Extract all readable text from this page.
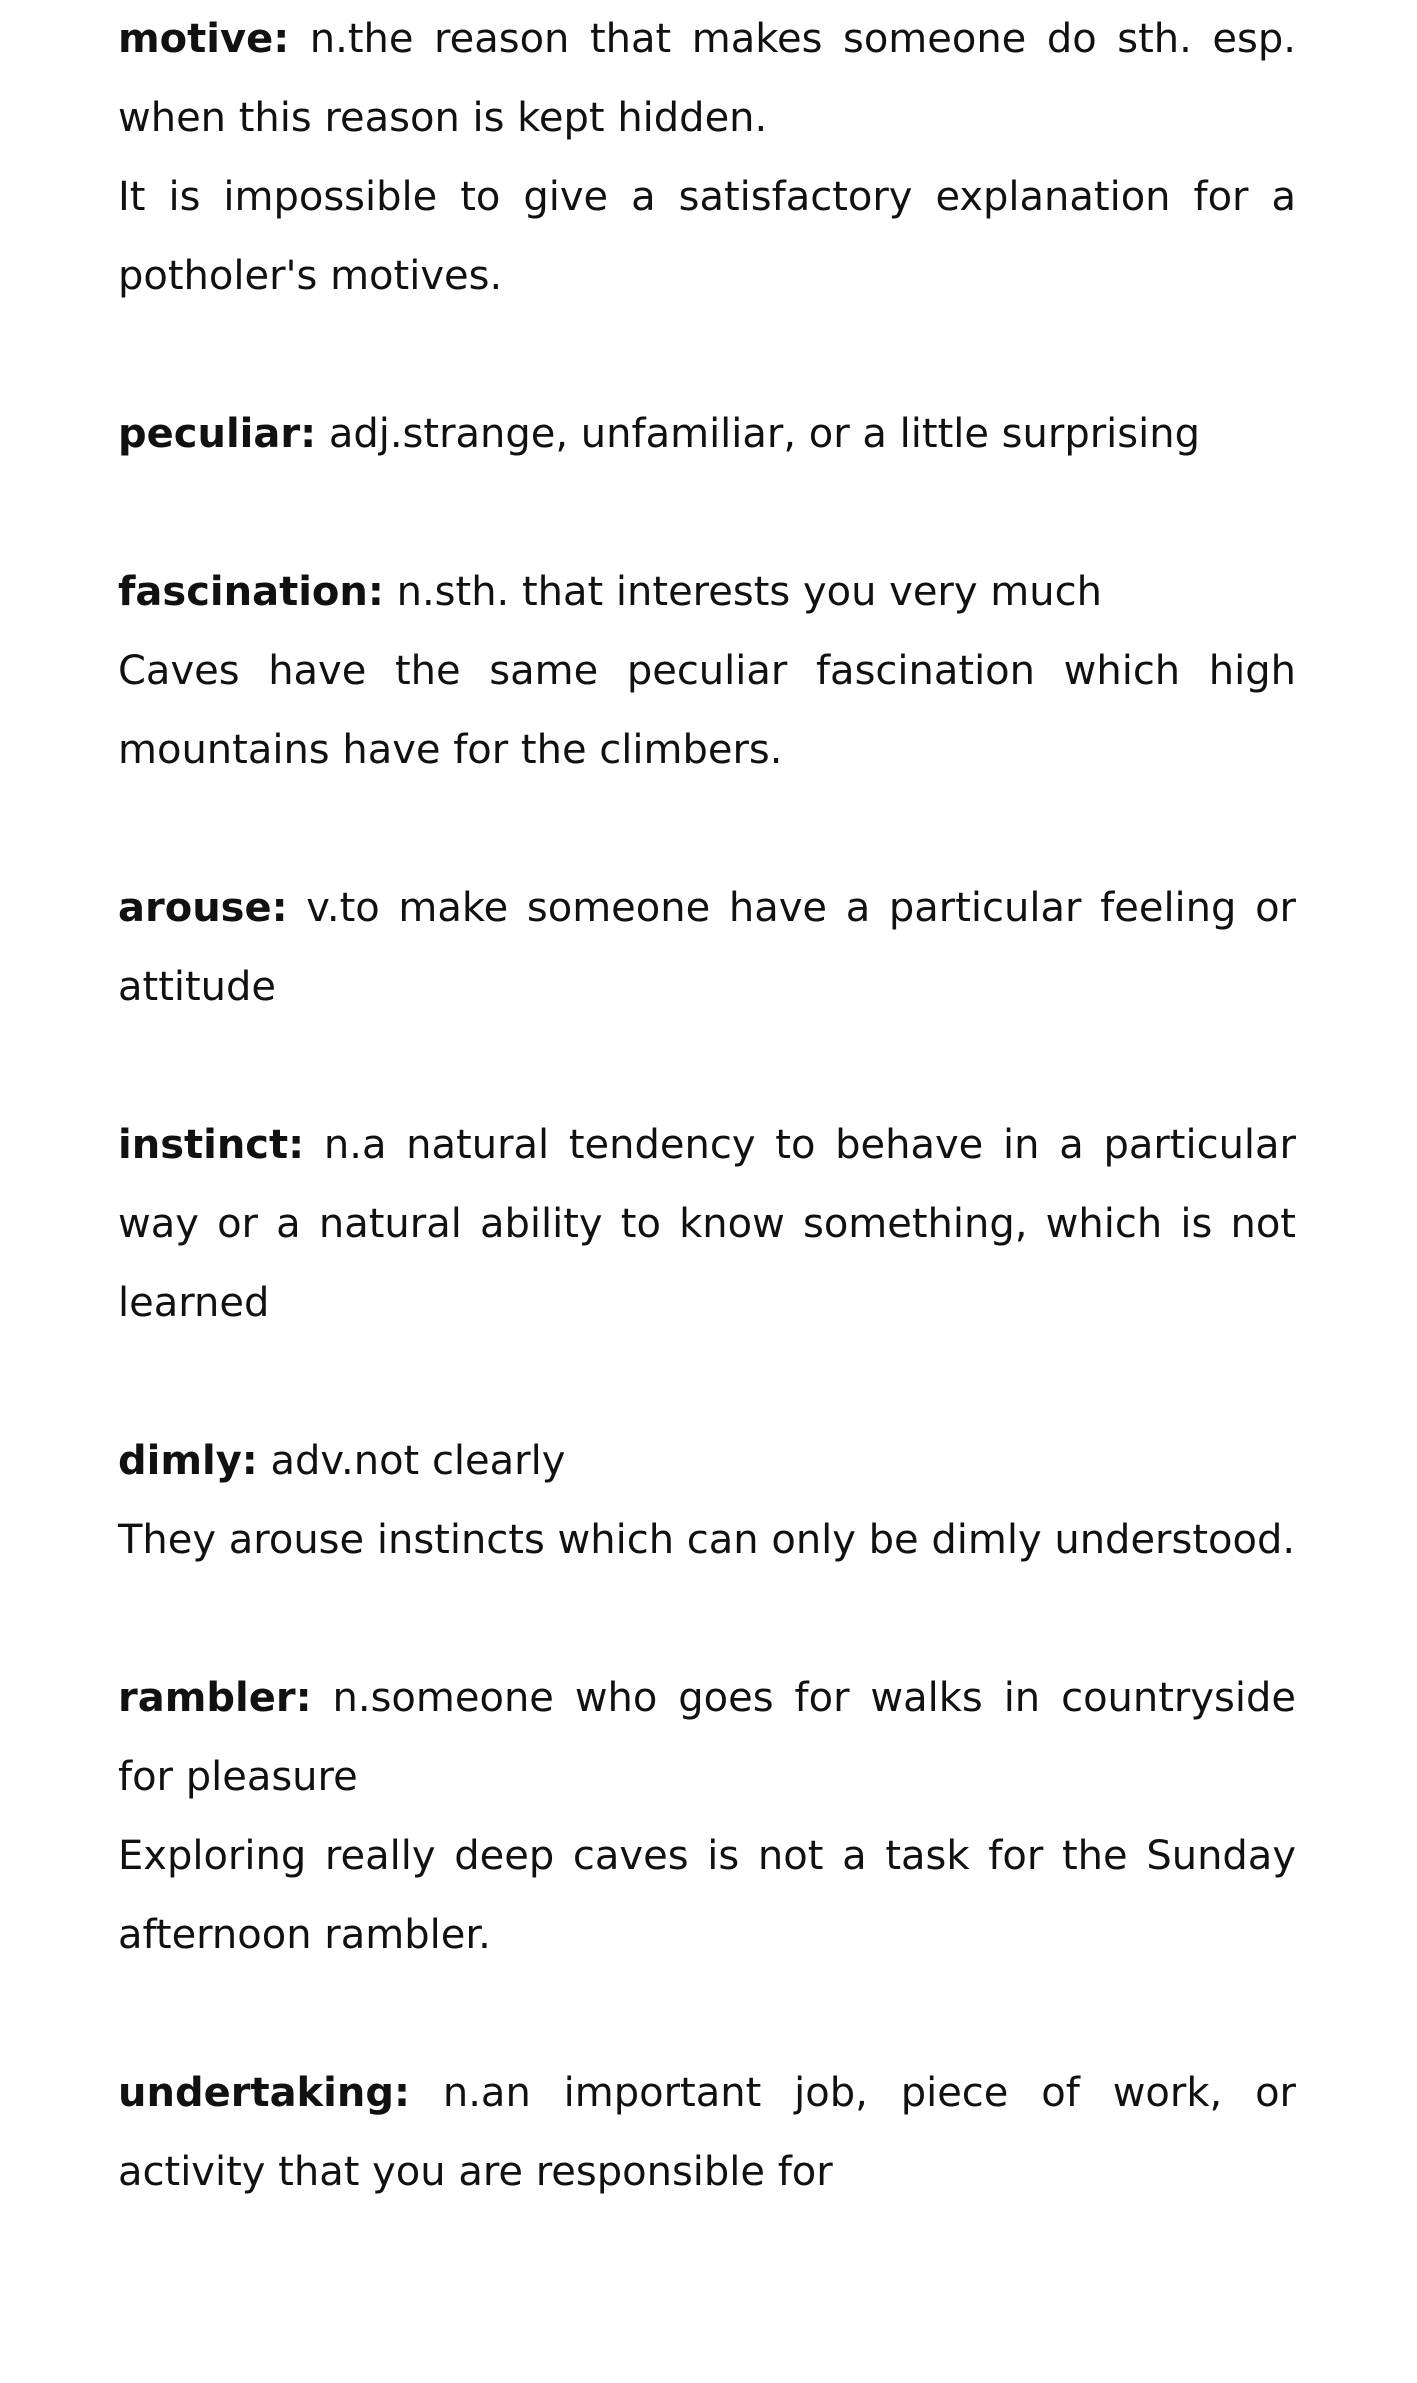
motive: n.the reason that makes someone do sth. esp. when this reason is kept hidden.

It is impossible to give a satisfactory explanation for a potholer's motives.

peculiar: adj.strange, unfamiliar, or a little surprising

fascination: n.sth. that interests you very much

Caves have the same peculiar fascination which high mountains have for the climbers.

arouse: v.to make someone have a particular feeling or attitude

instinct: n.a natural tendency to behave in a particular way or a natural ability to know something, which is not learned

dimly: adv.not clearly

They arouse instincts which can only be dimly understood.

rambler: n.someone who goes for walks in countryside for pleasure

Exploring really deep caves is not a task for the Sunday afternoon rambler.

undertaking: n.an important job, piece of work, or activity that you are responsible for
